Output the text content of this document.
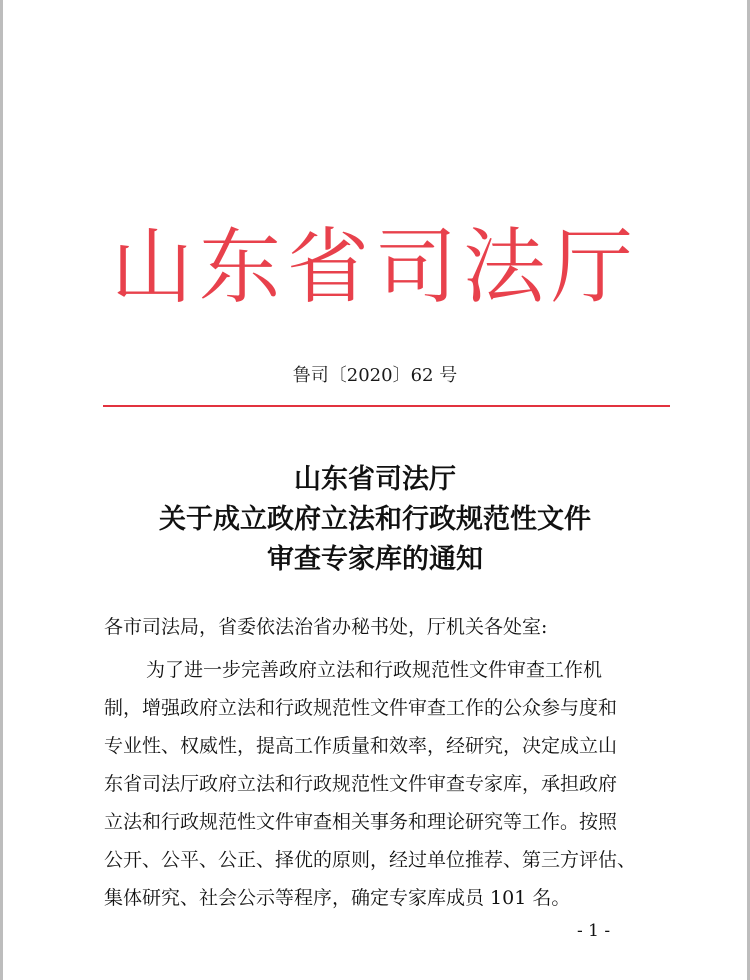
山东省司法厅
鲁司〔2020〕62 号
山东省司法厅
关于成立政府立法和行政规范性文件
审查专家库的通知
各市司法局，省委依法治省办秘书处，厅机关各处室:
为了进一步完善政府立法和行政规范性文件审查工作机
制，增强政府立法和行政规范性文件审查工作的公众参与度和
专业性、权威性，提高工作质量和效率，经研究，决定成立山
东省司法厅政府立法和行政规范性文件审查专家库，承担政府
立法和行政规范性文件审查相关事务和理论研究等工作。按照
公开、公平、公正、择优的原则，经过单位推荐、第三方评估、
集体研究、社会公示等程序，确定专家库成员 101 名。
- 1 -
